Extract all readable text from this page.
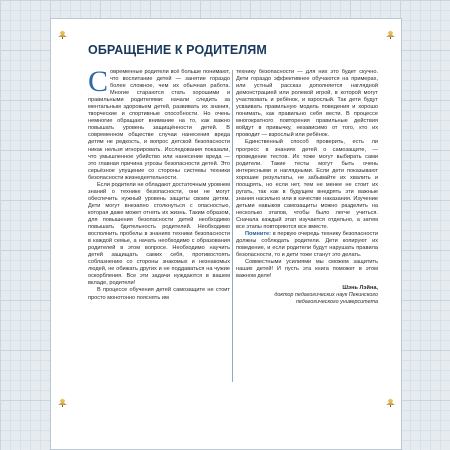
ОБРАЩЕНИЕ К РОДИТЕЛЯМ

Современные родители всё больше понимают, что воспитание детей — занятие гораздо более сложное, чем их обычная работа. Многие стараются стать хорошими и правильными родителями: начали следить за ментальным здоровьем детей, развивать их знания, творческие и спортивные способности. Но очень немногие обращают внимание на то, как важно повышать уровень защищённости детей. В современном обществе случаи нанесения вреда детям не редкость, и вопрос детской безопасности никак нельзя игнорировать. Исследования показали, что умышленное убийство или нанесение вреда — это главная причина угрозы безопасности детей. Это серьёзное упущение со стороны системы техники безопасности жизнедеятельности.

Если родители не обладают достаточным уровнем знаний о технике безопасности, они не могут обеспечить нужный уровень защиты своим детям. Дети могут внезапно столкнуться с опасностью, которая даже может отнять их жизнь. Таким образом, для повышения безопасности детей необходимо повышать бдительность родителей. Необходимо восполнить пробелы в знаниях техники безопасности в каждой семье, а начать необходимо с образования родителей в этом вопросе. Необходимо научить детей защищать самих себя, противостоять соблазнению со стороны знакомых и незнакомых людей, не обижать других и не поддаваться на чужие оскорбления. Все эти задачи нуждаются в вашем вкладе, родители!

В процессе обучения детей самозащите не стоит просто монотонно пояснять им

технику безопасности — для них это будет скучно. Дети гораздо эффективнее обучаются на примерах, или устный рассказ дополняется наглядной демонстрацией или ролевой игрой, в которой могут участвовать и ребёнок, и взрослый. Так дети будут усваивать правильную модель поведения и хорошо понимать, как правильно себя вести. В процессе многократного повторения правильные действия войдут в привычку, независимо от того, кто их проводит — взрослый или ребёнок.

Единственный способ проверить, есть ли прогресс в знаниях детей о самозащите, — проведение тестов. Их тоже могут выбирать сами родители. Такие тесты могут быть очень интересными и наглядными. Если дети показывают хорошие результаты, не забывайте их хвалить и поощрять, но если нет, тем не менее не стоит их ругать, так как в будущем внедрять эти важные знания насильно или в качестве наказания. Изучение детьми навыков самозащиты можно разделить на несколько этапов, чтобы было легче учиться. Сначала каждый этап изучается отдельно, а затем все этапы повторяются все вместе.

Помните: в первую очередь технику безопасности должны соблюдать родители. Дети копируют их поведение, и если родители будут нарушать правила безопасности, то и дети тоже станут это делать.

Совместными усилиями мы сможем защитить наших детей! И пусть эта книга поможет в этом важном деле!

Шэнь Лэйна,

доктор педагогических наук Пекинского педагогического университета
